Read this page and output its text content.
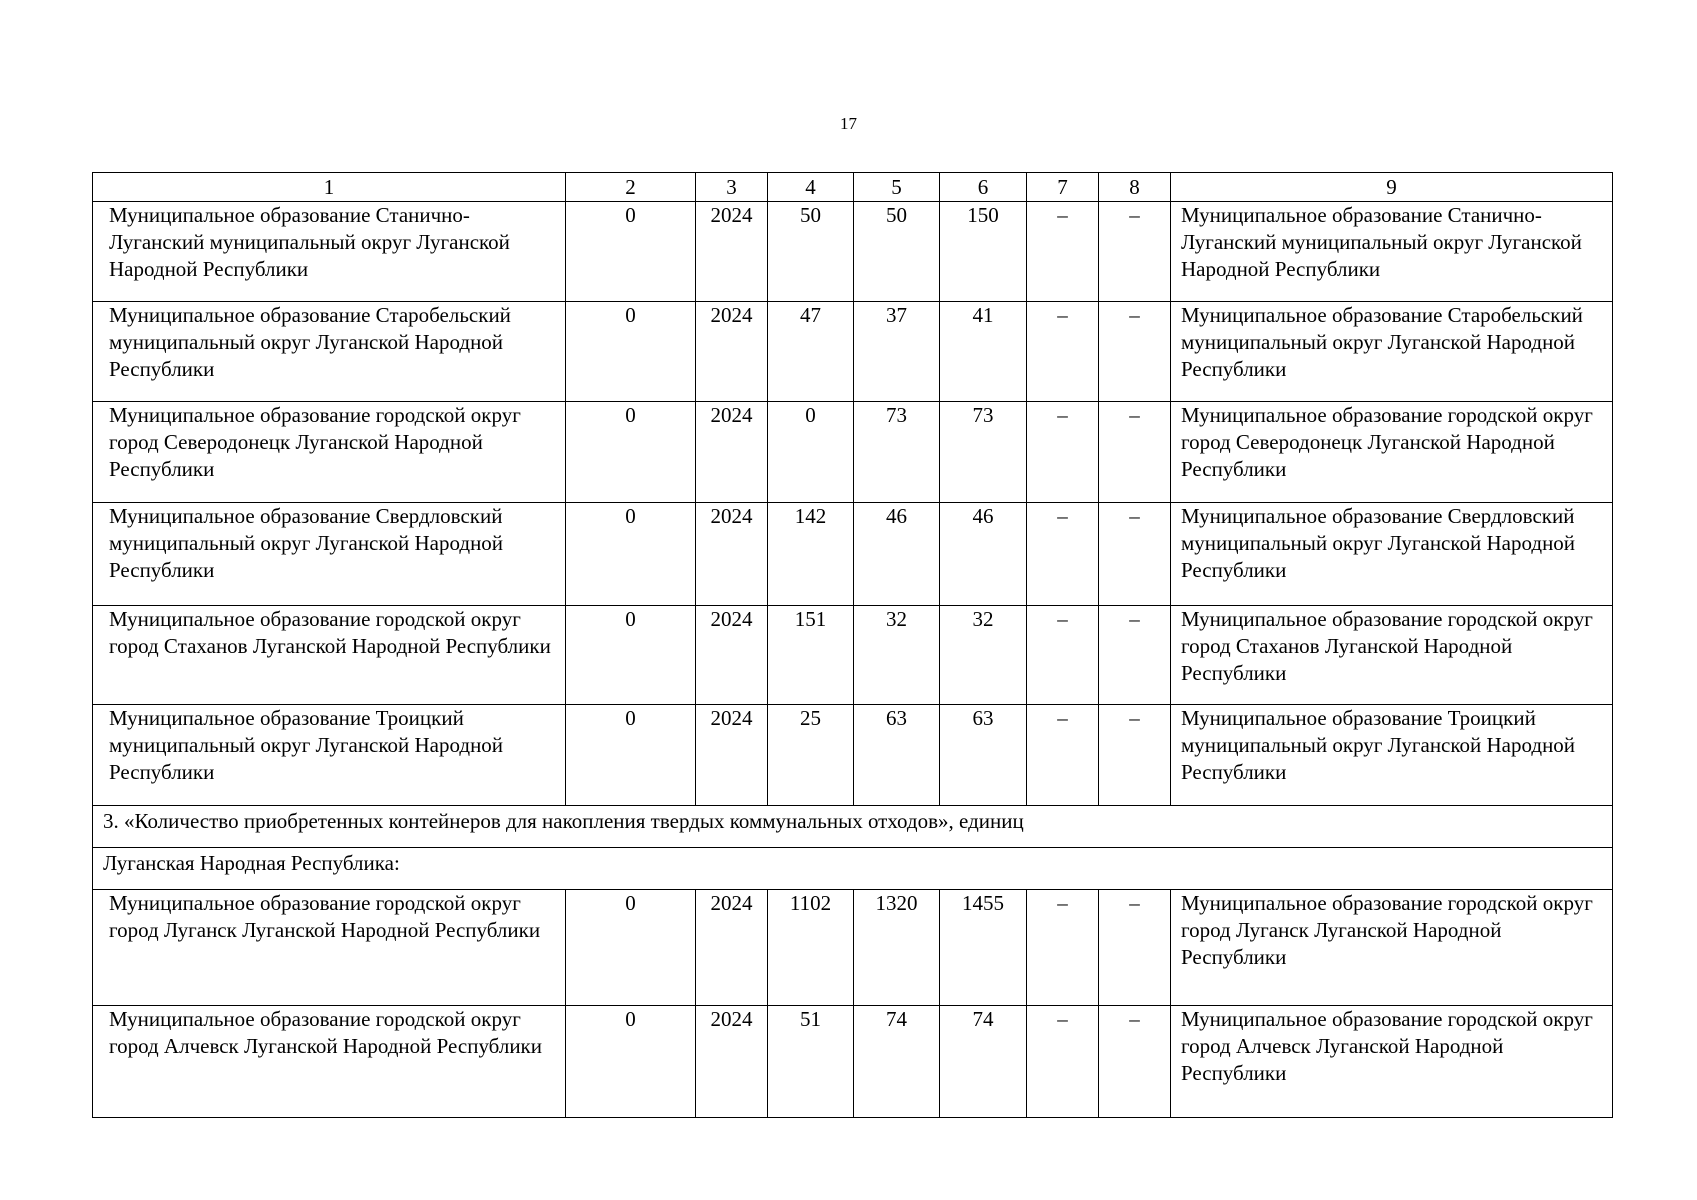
17
1	2	3	4	5	6	7	8	9
Муниципальное образование Станично-Луганский муниципальный округ Луганской Народной Республики	0	2024	50	50	150	–	–	Муниципальное образование Станично-Луганский муниципальный округ Луганской Народной Республики
Муниципальное образование Старобельский муниципальный округ Луганской Народной Республики	0	2024	47	37	41	–	–	Муниципальное образование Старобельский муниципальный округ Луганской Народной Республики
Муниципальное образование городской округ город Северодонецк Луганской Народной Республики	0	2024	0	73	73	–	–	Муниципальное образование городской округ город Северодонецк Луганской Народной Республики
Муниципальное образование Свердловский муниципальный округ Луганской Народной Республики	0	2024	142	46	46	–	–	Муниципальное образование Свердловский муниципальный округ Луганской Народной Республики
Муниципальное образование городской округ город Стаханов Луганской Народной Республики	0	2024	151	32	32	–	–	Муниципальное образование городской округ город Стаханов Луганской Народной Республики
Муниципальное образование Троицкий муниципальный округ Луганской Народной Республики	0	2024	25	63	63	–	–	Муниципальное образование Троицкий муниципальный округ Луганской Народной Республики
3. «Количество приобретенных контейнеров для накопления твердых коммунальных отходов», единиц								
Луганская Народная Республика:								
Муниципальное образование городской округ город Луганск Луганской Народной Республики	0	2024	1102	1320	1455	–	–	Муниципальное образование городской округ город Луганск Луганской Народной Республики
Муниципальное образование городской округ город Алчевск Луганской Народной Республики	0	2024	51	74	74	–	–	Муниципальное образование городской округ город Алчевск Луганской Народной Республики
